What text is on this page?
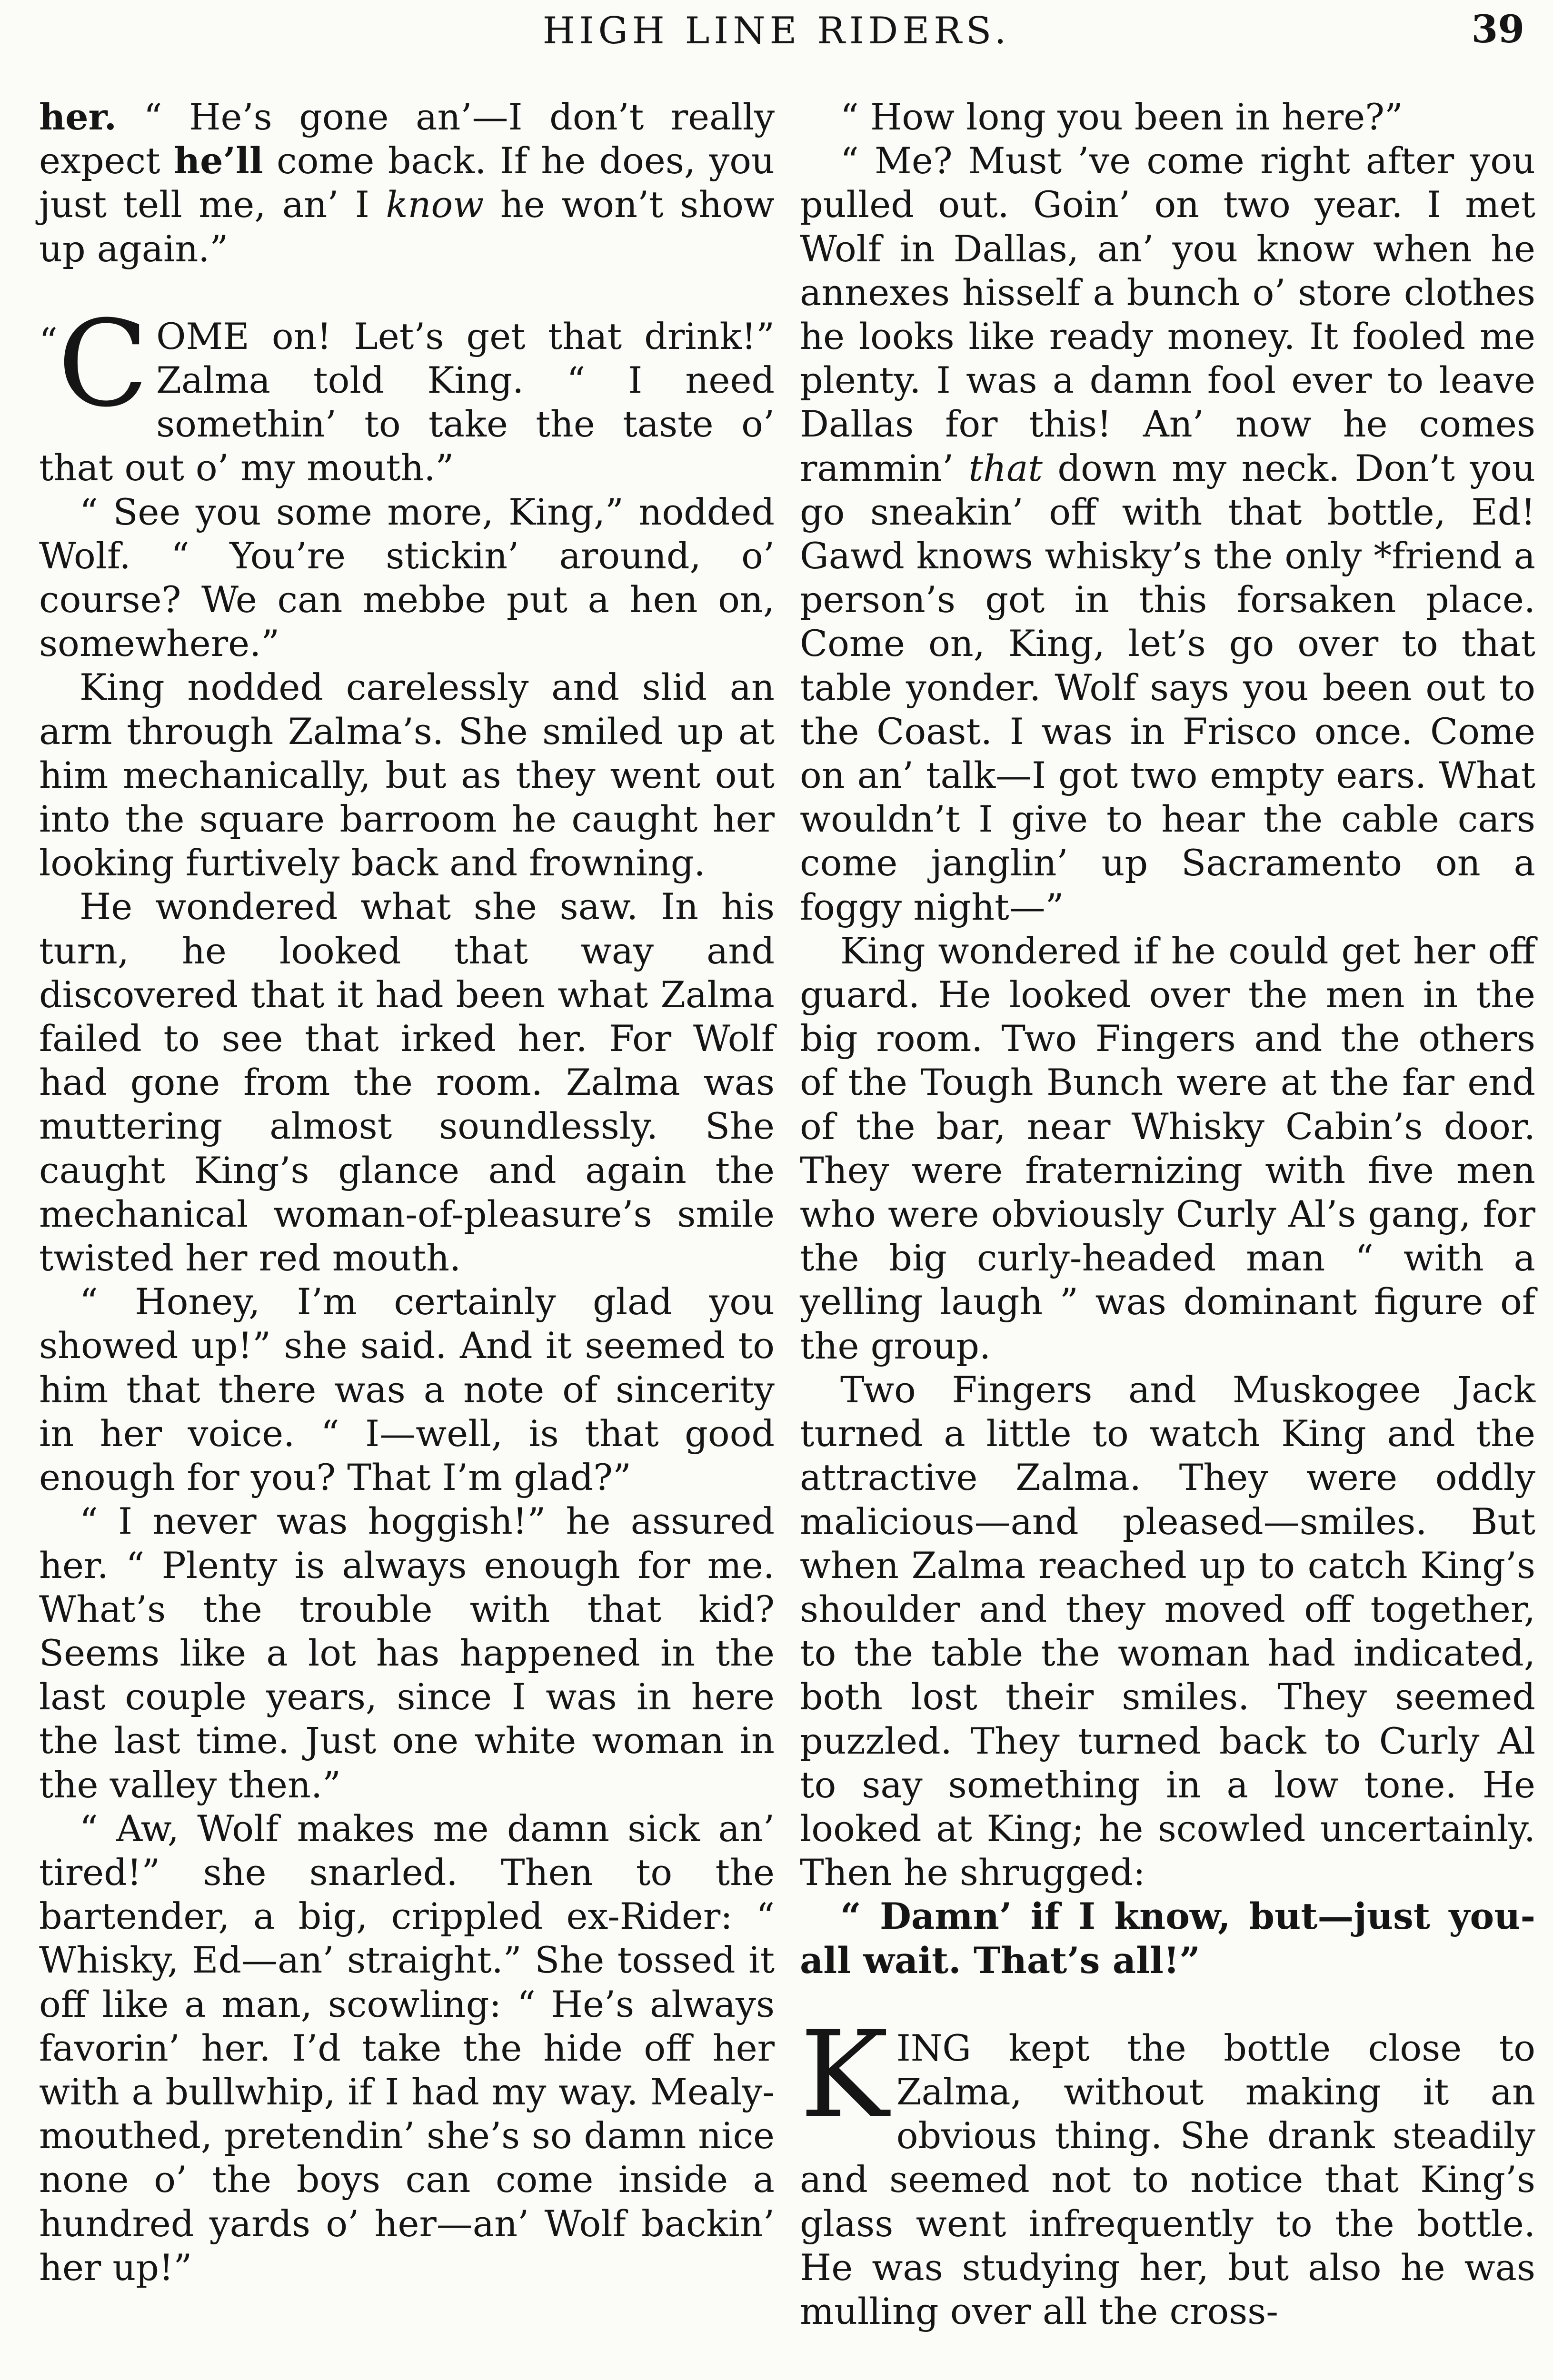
HIGH LINE RIDERS.	39

her. “ He’s gone an’—I don’t really expect he’ll come back. If he does, you just tell me, an’ I know he won’t show up again.”

“C OME on! Let’s get that drink!” Zalma told King. “ I need somethin’ to take the taste o’ that out o’ my mouth.”

“ See you some more, King,” nodded Wolf. “ You’re stickin’ around, o’ course? We can mebbe put a hen on, somewhere.”

King nodded carelessly and slid an arm through Zalma’s. She smiled up at him mechanically, but as they went out into the square barroom he caught her looking furtively back and frowning.

He wondered what she saw. In his turn, he looked that way and discovered that it had been what Zalma failed to see that irked her. For Wolf had gone from the room. Zalma was muttering almost soundlessly. She caught King’s glance and again the mechanical woman-of-pleasure’s smile twisted her red mouth.

“ Honey, I’m certainly glad you showed up!” she said. And it seemed to him that there was a note of sincerity in her voice. “ I—well, is that good enough for you? That I’m glad?”

“ I never was hoggish!” he assured her. “ Plenty is always enough for me. What’s the trouble with that kid? Seems like a lot has happened in the last couple years, since I was in here the last time. Just one white woman in the valley then.”

“ Aw, Wolf makes me damn sick an’ tired!” she snarled. Then to the bartender, a big, crippled ex-Rider: “ Whisky, Ed—an’ straight.” She tossed it off like a man, scowling: “ He’s always favorin’ her. I’d take the hide off her with a bullwhip, if I had my way. Mealy-mouthed, pretendin’ she’s so damn nice none o’ the boys can come inside a hundred yards o’ her—an’ Wolf backin’ her up!”

“ How long you been in here?”

“ Me? Must ’ve come right after you pulled out. Goin’ on two year. I met Wolf in Dallas, an’ you know when he annexes hisself a bunch o’ store clothes he looks like ready money. It fooled me plenty. I was a damn fool ever to leave Dallas for this! An’ now he comes rammin’ that down my neck. Don’t you go sneakin’ off with that bottle, Ed! Gawd knows whisky’s the only *friend a person’s got in this forsaken place. Come on, King, let’s go over to that table yonder. Wolf says you been out to the Coast. I was in Frisco once. Come on an’ talk—I got two empty ears. What wouldn’t I give to hear the cable cars come janglin’ up Sacramento on a foggy night—”

King wondered if he could get her off guard. He looked over the men in the big room. Two Fingers and the others of the Tough Bunch were at the far end of the bar, near Whisky Cabin’s door. They were fraternizing with five men who were obviously Curly Al’s gang, for the big curly-headed man “ with a yelling laugh ” was dominant figure of the group.

Two Fingers and Muskogee Jack turned a little to watch King and the attractive Zalma. They were oddly malicious—and pleased—smiles. But when Zalma reached up to catch King’s shoulder and they moved off together, to the table the woman had indicated, both lost their smiles. They seemed puzzled. They turned back to Curly Al to say something in a low tone. He looked at King; he scowled uncertainly. Then he shrugged:

“ Damn’ if I know, but—just you-all wait. That’s all!”

KING kept the bottle close to Zalma, without making it an obvious thing. She drank steadily and seemed not to notice that King’s glass went infrequently to the bottle. He was studying her, but also he was mulling over all the cross-
